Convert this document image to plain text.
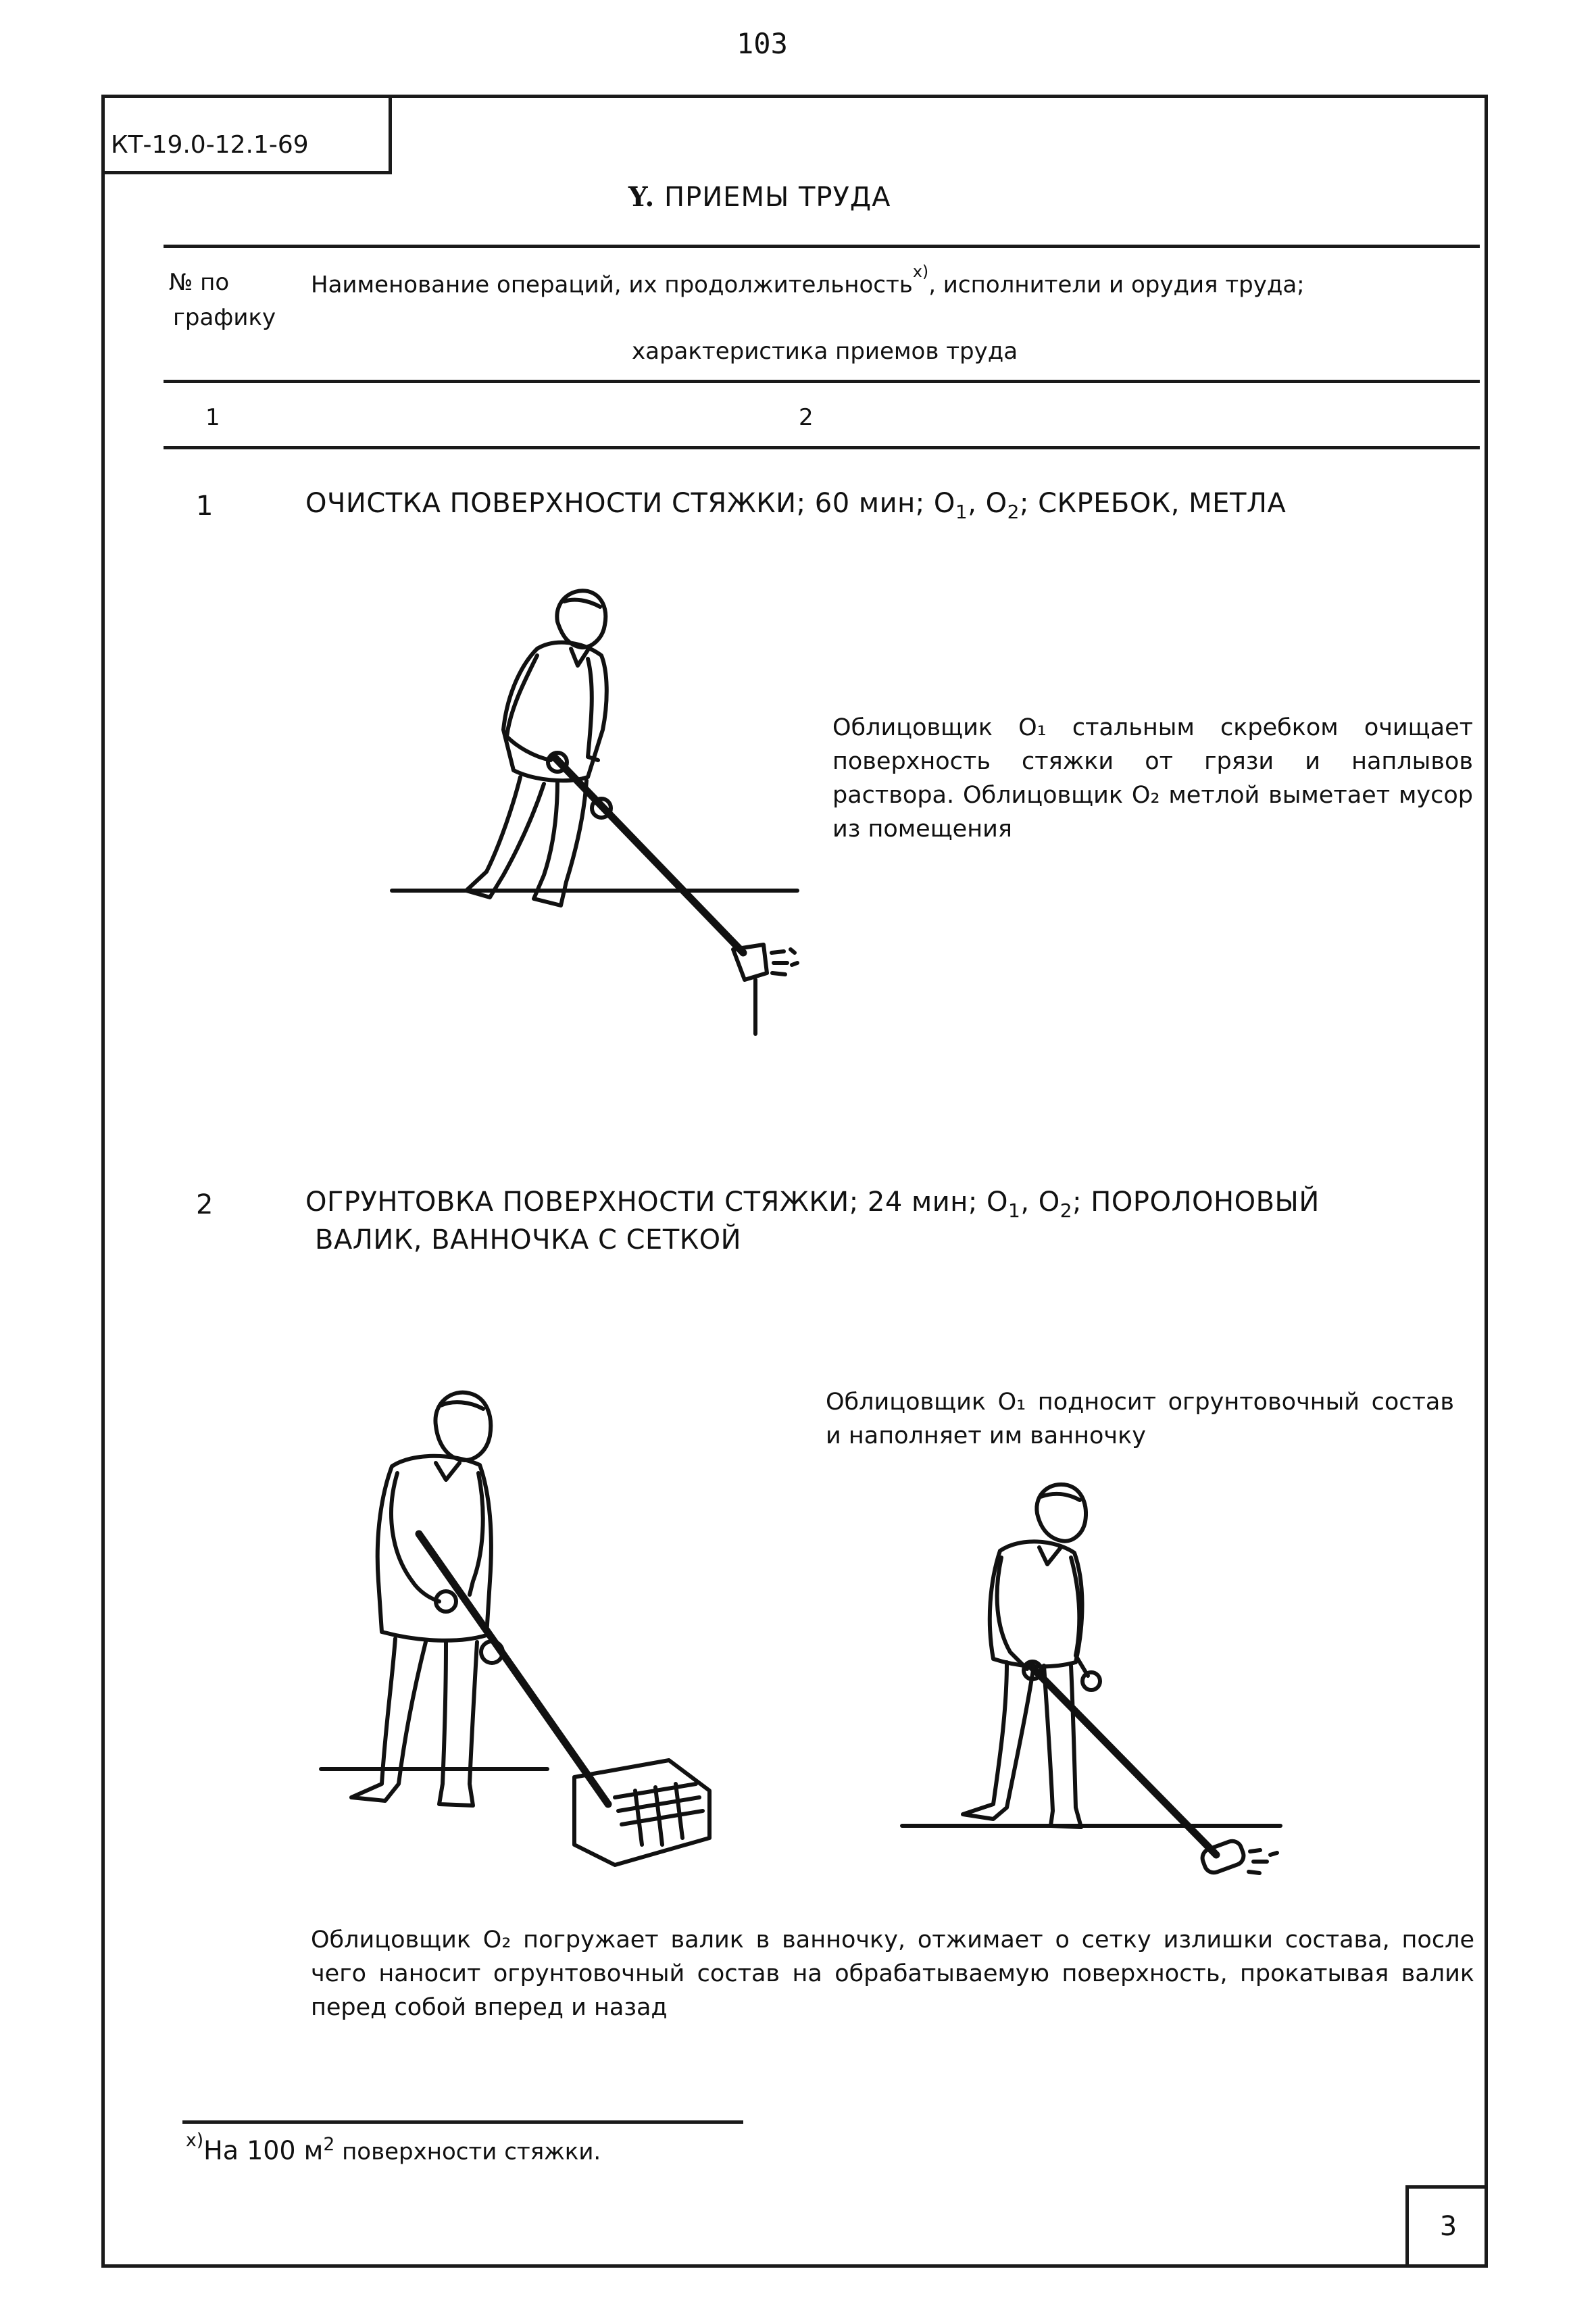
103
КТ-19.0-12.1-69
Y. ПРИЕМЫ ТРУДА
№ по
графику
Наименование операций, их продолжительность$^{x)}$, исполнители и орудия труда;
характеристика приемов труда
1	2
1	ОЧИСТКА ПОВЕРХНОСТИ СТЯЖКИ; 60 мин; $О_1$, $О_2$; СКРЕБОК, МЕТЛА
Облицовщик О₁ стальным скребком очищает поверхность стяжки от грязи и наплывов раствора. Облицовщик О₂ метлой выметает мусор из помещения
2	ОГРУНТОВКА ПОВЕРХНОСТИ СТЯЖКИ; 24 мин; $О_1$, $О_2$; ПОРОЛОНОВЫЙ
ВАЛИК, ВАННОЧКА С СЕТКОЙ
Облицовщик О₁ подносит огрунтовочный состав и наполняет им ванночку
Облицовщик О₂ погружает валик в ванночку, отжимает о сетку излишки состава, после чего наносит огрунтовочный состав на обрабатываемую поверхность, прокатывая валик перед собой вперед и назад
$^{x)}$На 100 $м^2$ поверхности стяжки.
3
